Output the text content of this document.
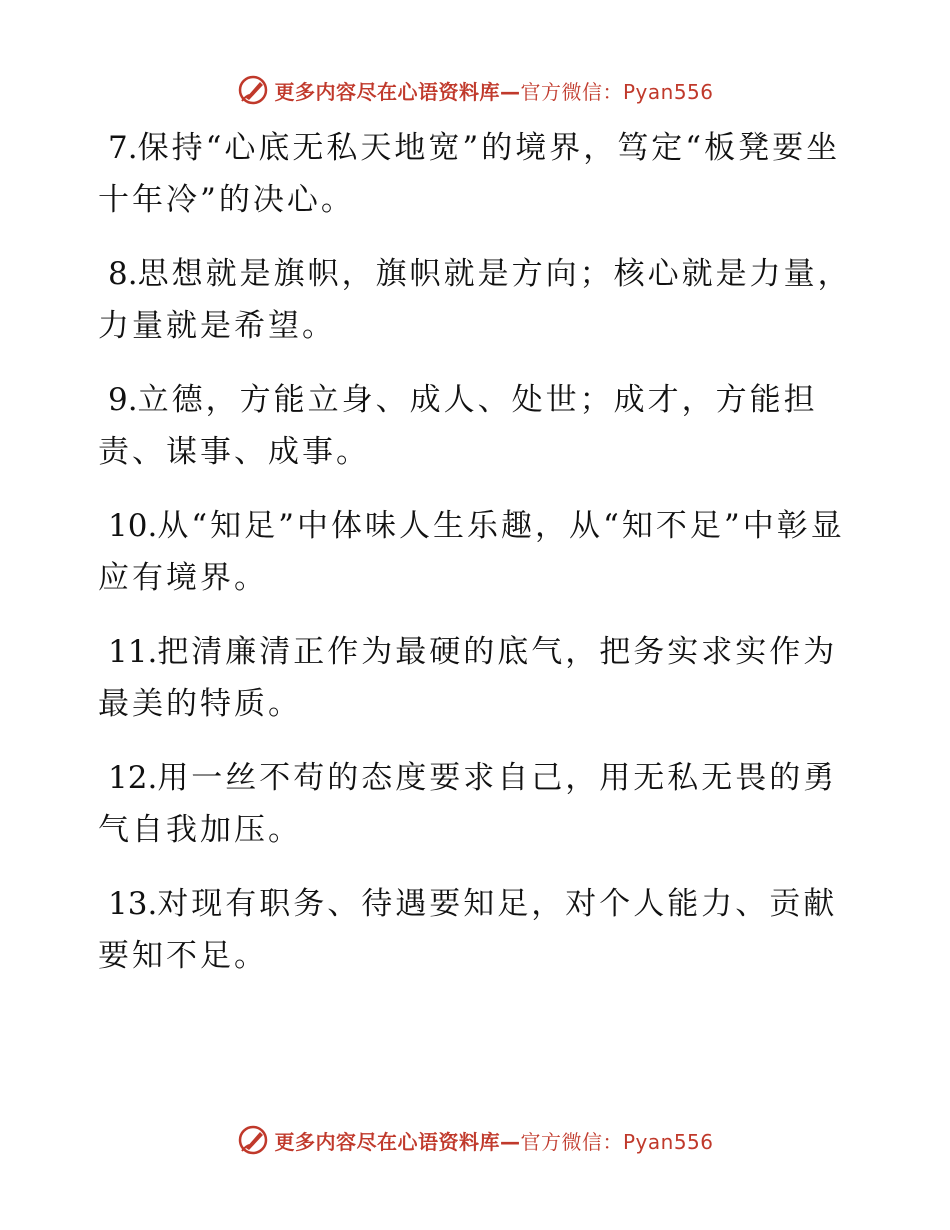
更多内容尽在心语资料库—官方微信：Pyan556

7.保持“心底无私天地宽”的境界，笃定“板凳要坐十年冷”的决心。

8.思想就是旗帜，旗帜就是方向；核心就是力量，力量就是希望。

9.立德，方能立身、成人、处世；成才，方能担责、谋事、成事。

10.从“知足”中体味人生乐趣，从“知不足”中彰显应有境界。

11.把清廉清正作为最硬的底气，把务实求实作为最美的特质。

12.用一丝不苟的态度要求自己，用无私无畏的勇气自我加压。

13.对现有职务、待遇要知足，对个人能力、贡献要知不足。

更多内容尽在心语资料库—官方微信：Pyan556
